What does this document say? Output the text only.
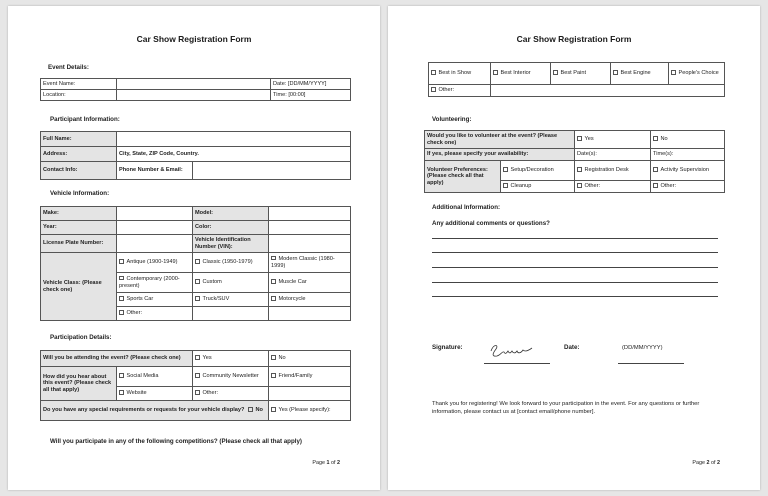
Car Show Registration Form
Event Details:
Event Name:		Date: [DD/MM/YYYY]
Location:		Time: [00:00]
Participant Information:
Full Name:		
Address:	City, State, ZIP Code, Country.	
Contact Info:	Phone Number & Email:	
Vehicle Information:
Make:		Model:	
Year:		Color:	
License Plate Number:		Vehicle Identification Number (VIN):	
Vehicle Class: (Please check one)	Antique (1900-1949)	Classic (1950-1979)	Modern Classic (1980-1999)
	Contemporary (2000-present)	Custom	Muscle Car
	Sports Car	Truck/SUV	Motorcycle
	Other:		
Participation Details:
Will you be attending the event? (Please check one)		Yes	No
How did you hear about this event? (Please check all that apply)	Social Media	Community Newsletter	Friend/Family
	Website	Other:	
Do you have any special requirements or requests for your vehicle display? No			Yes (Please specify):
Will you participate in any of the following competitions? (Please check all that apply)
Page 1 of 2
Car Show Registration Form
Best in Show	Best Interior	Best Paint	Best Engine	People's Choice
Other:				
Volunteering:
Would you like to volunteer at the event? (Please check one)		Yes	No
If yes, please specify your availability:		Date(s):	Time(s):
Volunteer Preferences: (Please check all that apply)	Setup/Decoration	Registration Desk	Activity Supervision
	Cleanup	Other:	Other:
Additional Information:
Any additional comments or questions?
Signature:	Date:	(DD/MM/YYYY)
Thank you for registering! We look forward to your participation in the event. For any questions or further information, please contact us at [contact email/phone number].
Page 2 of 2
